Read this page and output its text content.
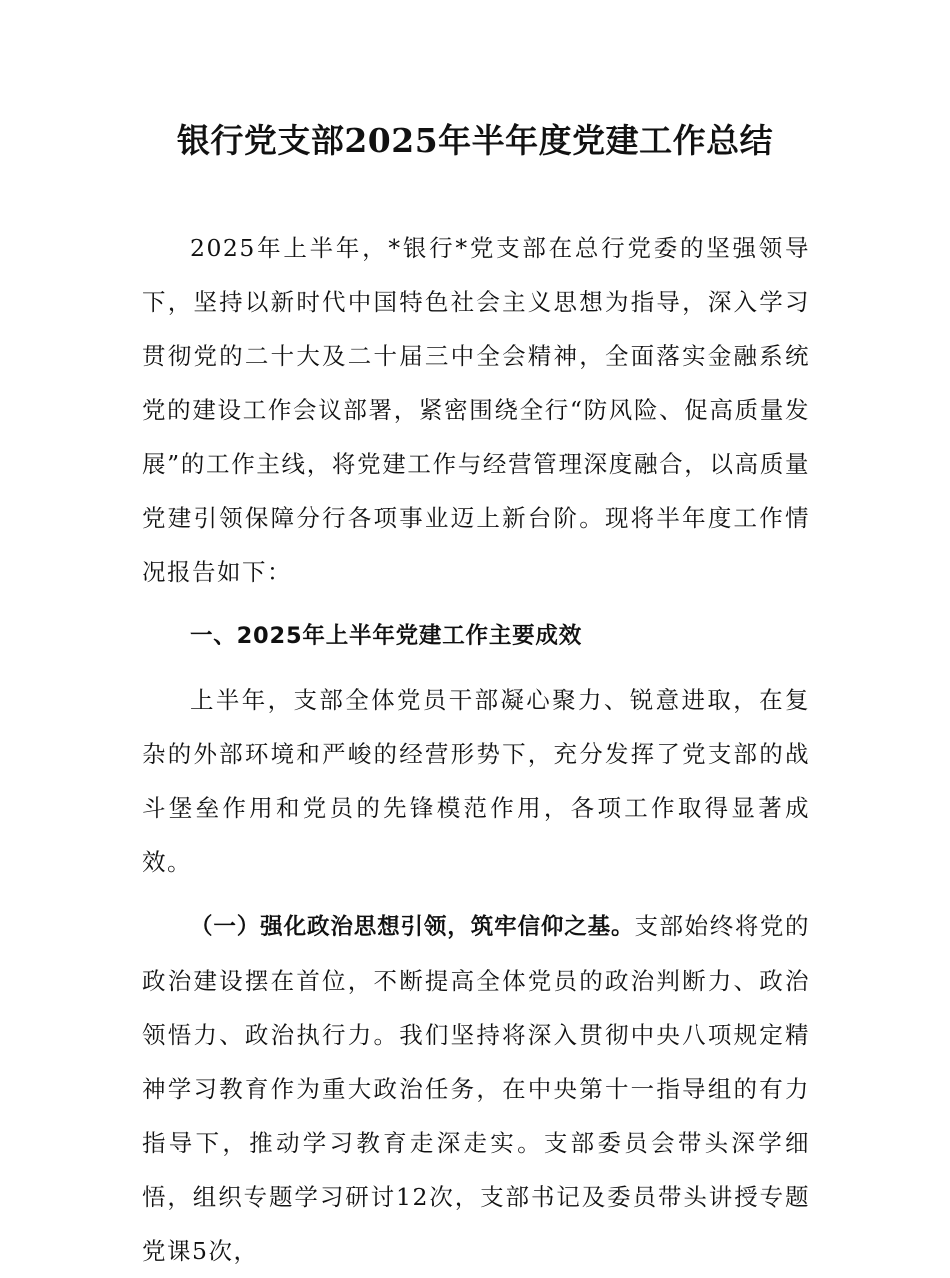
银行党支部2025年半年度党建工作总结

2025年上半年，*银行*党支部在总行党委的坚强领导下，坚持以新时代中国特色社会主义思想为指导，深入学习贯彻党的二十大及二十届三中全会精神，全面落实金融系统党的建设工作会议部署，紧密围绕全行“防风险、促高质量发展”的工作主线，将党建工作与经营管理深度融合，以高质量党建引领保障分行各项事业迈上新台阶。现将半年度工作情况报告如下：

一、2025年上半年党建工作主要成效

上半年，支部全体党员干部凝心聚力、锐意进取，在复杂的外部环境和严峻的经营形势下，充分发挥了党支部的战斗堡垒作用和党员的先锋模范作用，各项工作取得显著成效。

（一）强化政治思想引领，筑牢信仰之基。支部始终将党的政治建设摆在首位，不断提高全体党员的政治判断力、政治领悟力、政治执行力。我们坚持将深入贯彻中央八项规定精神学习教育作为重大政治任务，在中央第十一指导组的有力指导下，推动学习教育走深走实。支部委员会带头深学细悟，组织专题学习研讨12次，支部书记及委员带头讲授专题党课5次，
